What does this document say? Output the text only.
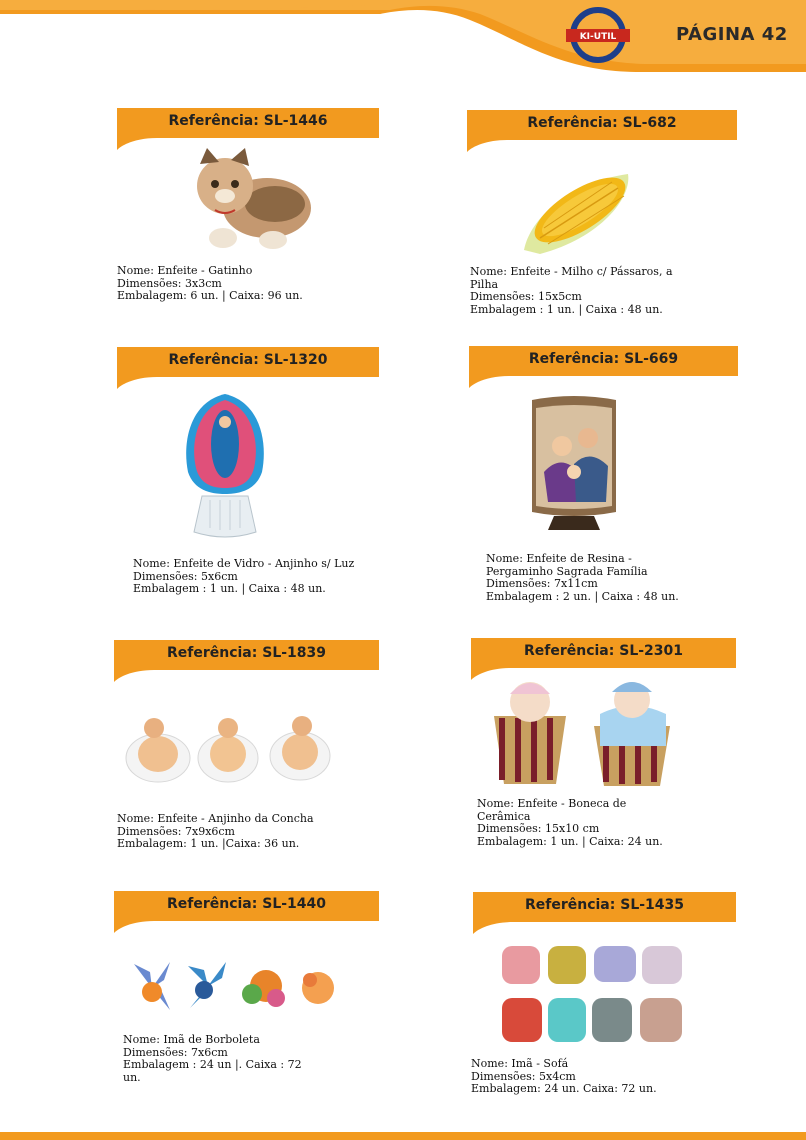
KI-UTIL	PÁGINA 42
Referência: SL-1446
Nome: Enfeite - Gatinho
Dimensões: 3x3cm
Embalagem: 6 un. | Caixa: 96 un.
Referência: SL-682
Nome: Enfeite - Milho c/ Pássaros, a Pilha
Dimensões: 15x5cm
Embalagem : 1 un. | Caixa : 48 un.
Referência: SL-1320
Nome: Enfeite de Vidro - Anjinho s/ Luz
Dimensões: 5x6cm
Embalagem : 1 un. | Caixa : 48 un.
Referência: SL-669
Nome: Enfeite de Resina - Pergaminho Sagrada Família
Dimensões: 7x11cm
Embalagem : 2 un. | Caixa : 48 un.
Referência: SL-1839
Nome: Enfeite - Anjinho da Concha
Dimensões: 7x9x6cm
Embalagem: 1 un. |Caixa: 36 un.
Referência: SL-2301
Nome: Enfeite - Boneca de Cerâmica
Dimensões: 15x10 cm
Embalagem: 1 un. | Caixa: 24 un.
Referência: SL-1440
Nome: Imã de Borboleta
Dimensões: 7x6cm
Embalagem : 24 un |. Caixa : 72 un.
Referência: SL-1435
Nome: Imã - Sofá
Dimensões: 5x4cm
Embalagem: 24 un. Caixa: 72 un.
